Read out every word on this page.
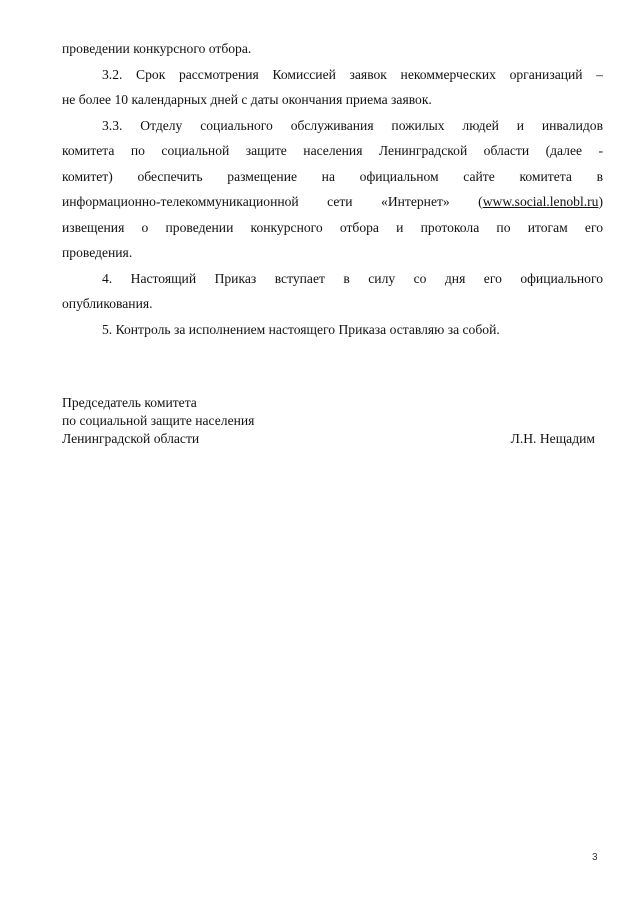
проведении конкурсного отбора.
3.2. Срок рассмотрения Комиссией заявок некоммерческих организаций –
не более 10 календарных дней с даты окончания приема заявок.
3.3. Отделу социального обслуживания пожилых людей и инвалидов
комитета по социальной защите населения Ленинградской области (далее -
комитет) обеспечить размещение на официальном сайте комитета в
информационно-телекоммуникационной сети «Интернет» (www.social.lenobl.ru)
извещения о проведении конкурсного отбора и протокола по итогам его
проведения.
4. Настоящий Приказ вступает в силу со дня его официального
опубликования.
5. Контроль за исполнением настоящего Приказа оставляю за собой.
Председатель комитета
по социальной защите населения
Ленинградской области	Л.Н. Нещадим
3
